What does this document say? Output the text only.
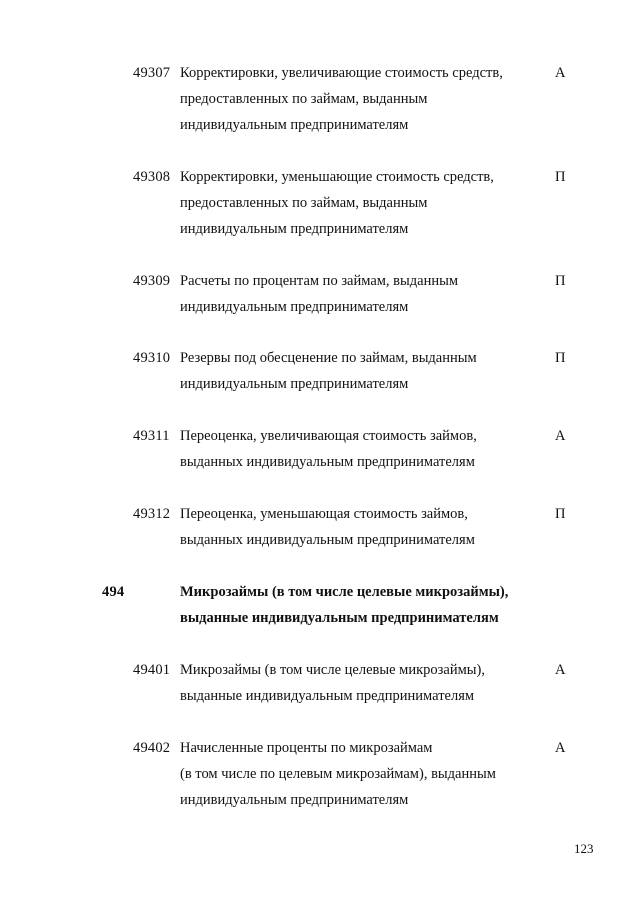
49307 Корректировки, увеличивающие стоимость средств,	А
предоставленных по займам, выданным
индивидуальным предпринимателям
49308 Корректировки, уменьшающие стоимость средств,	П
предоставленных по займам, выданным
индивидуальным предпринимателям
49309 Расчеты по процентам по займам, выданным	П
индивидуальным предпринимателям
49310 Резервы под обесценение по займам, выданным	П
индивидуальным предпринимателям
49311 Переоценка, увеличивающая стоимость займов,	А
выданных индивидуальным предпринимателям
49312 Переоценка, уменьшающая стоимость займов,	П
выданных индивидуальным предпринимателям
494	Микрозаймы (в том числе целевые микрозаймы),
выданные индивидуальным предпринимателям
49401 Микрозаймы (в том числе целевые микрозаймы),	А
выданные индивидуальным предпринимателям
49402 Начисленные проценты по микрозаймам	А
(в том числе по целевым микрозаймам), выданным
индивидуальным предпринимателям
123
